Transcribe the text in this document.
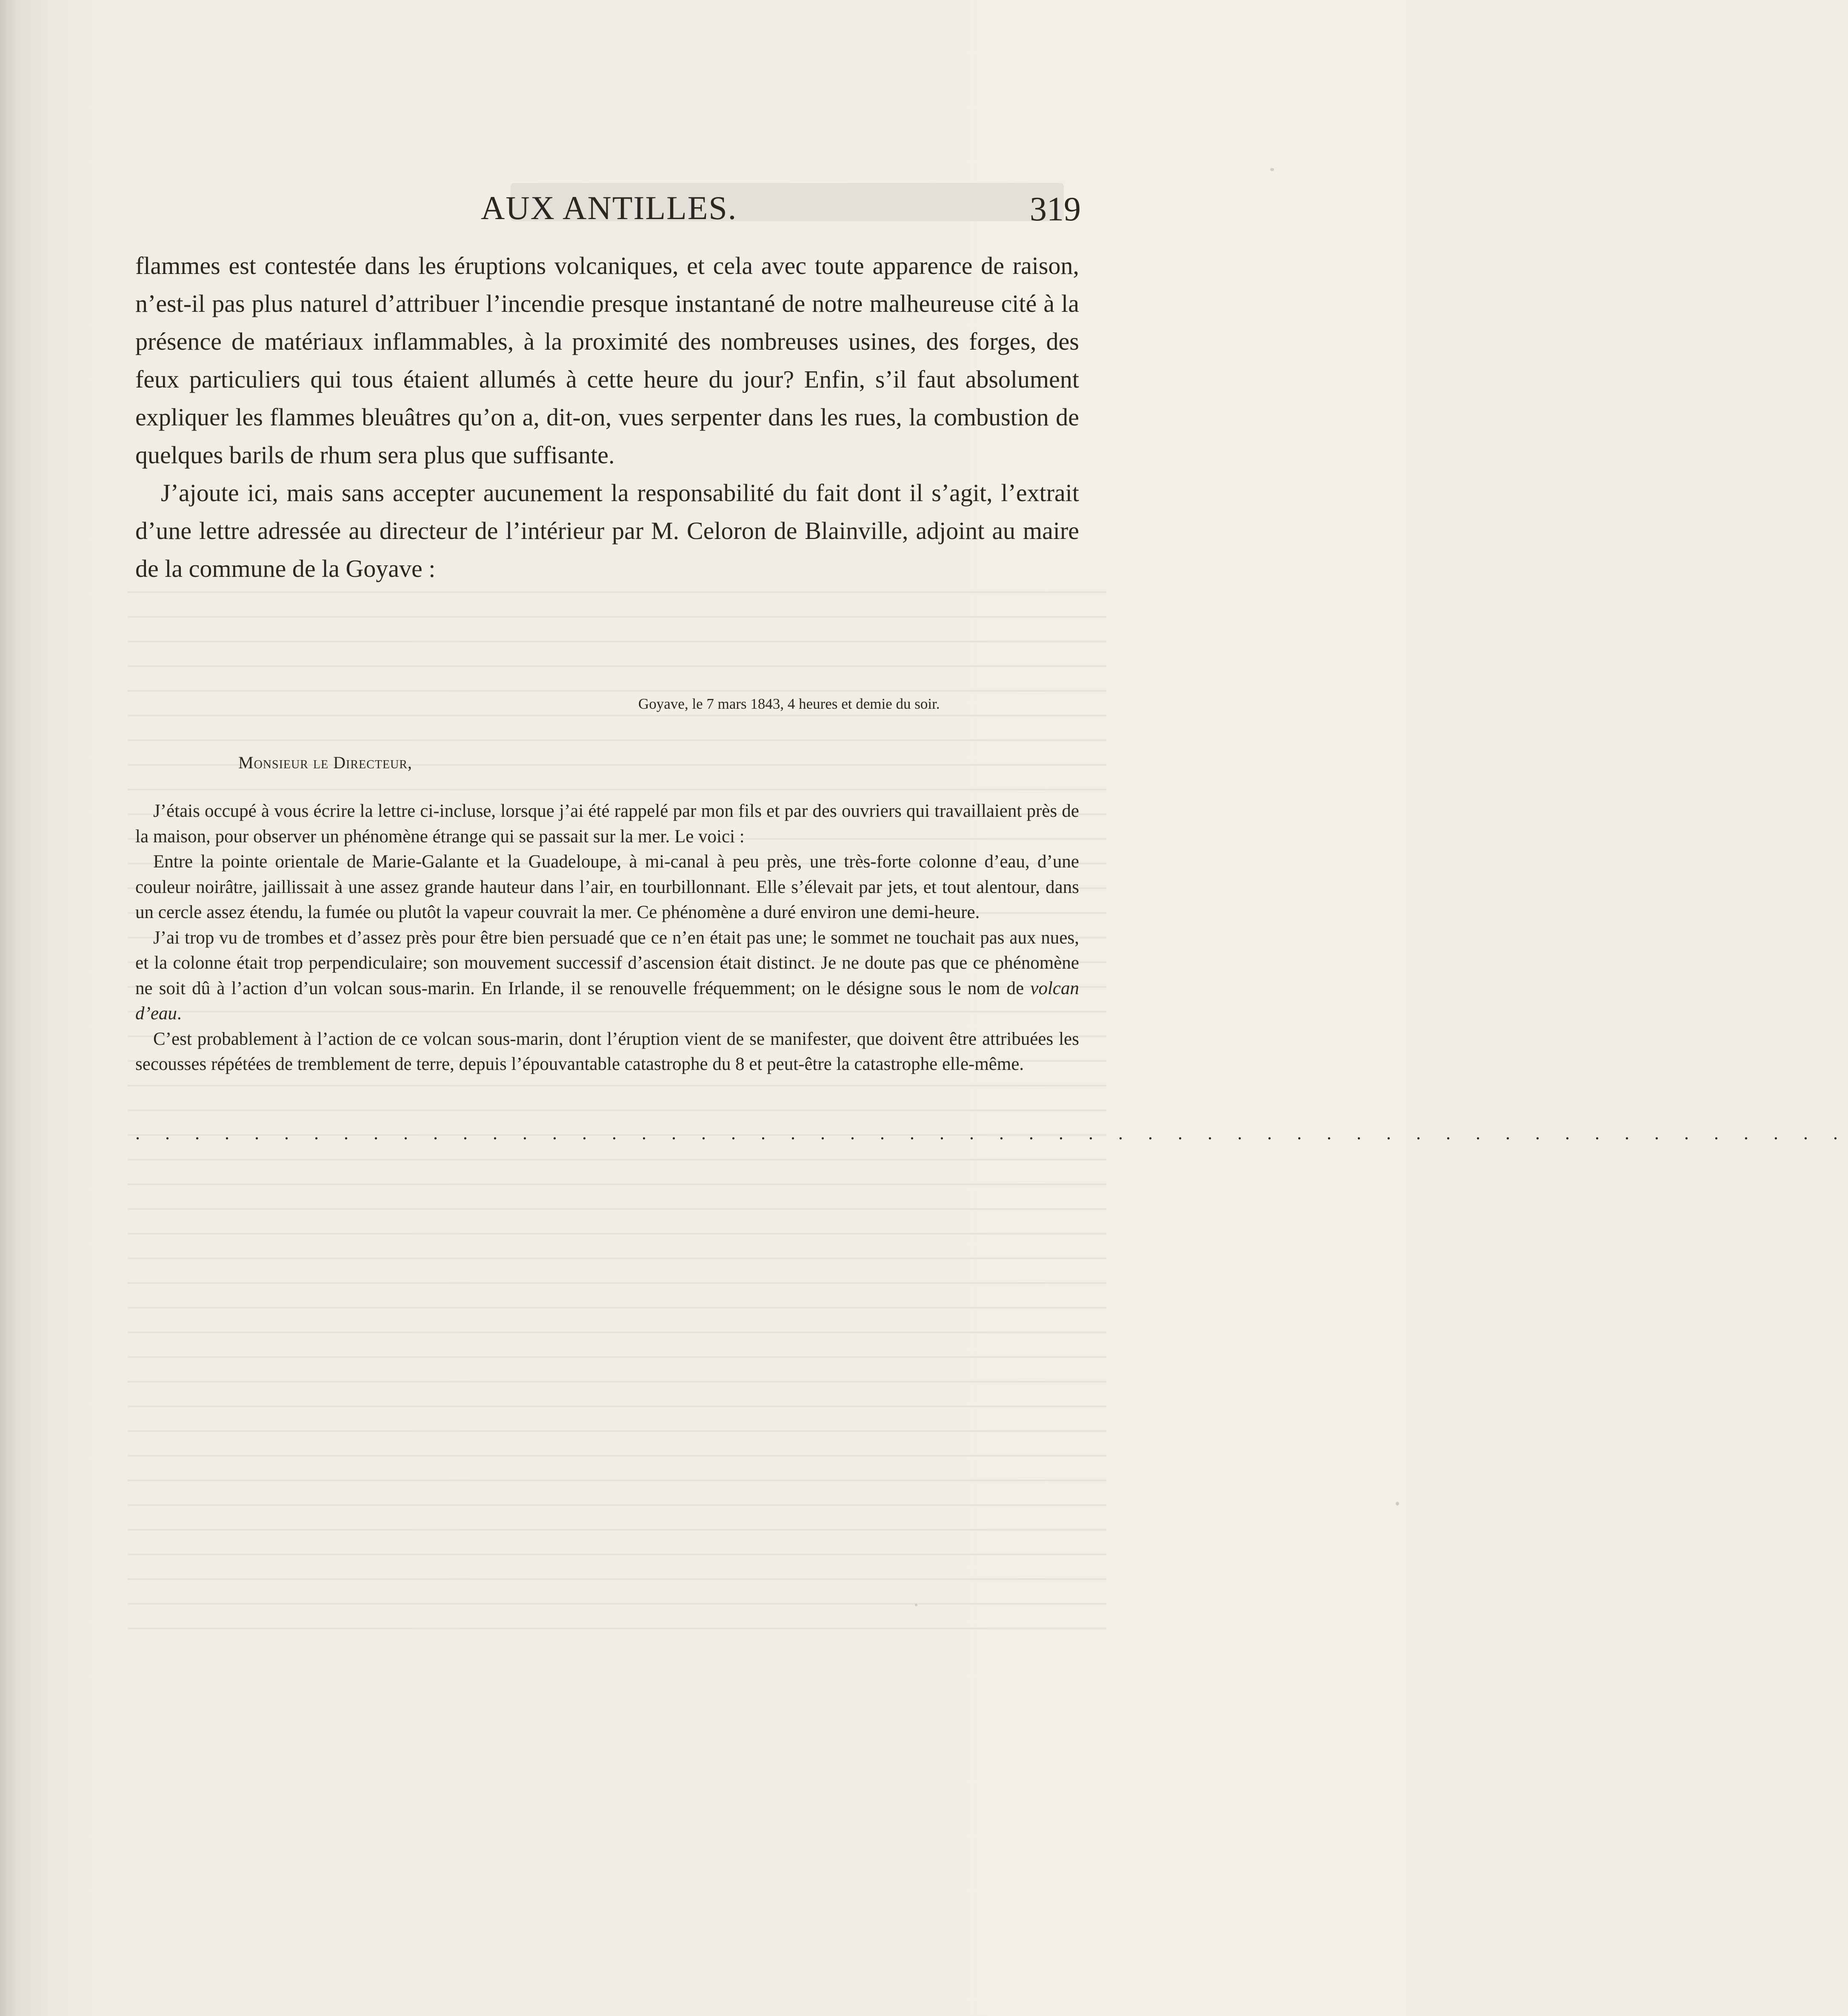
AUX ANTILLES.	319

flammes est contestée dans les éruptions volcaniques, et cela avec toute apparence de raison, n’est-il pas plus naturel d’attribuer l’incendie presque instantané de notre malheureuse cité à la présence de matériaux inflammables, à la proximité des nombreuses usines, des forges, des feux particuliers qui tous étaient allumés à cette heure du jour? Enfin, s’il faut absolument expliquer les flammes bleuâtres qu’on a, dit-on, vues serpenter dans les rues, la combustion de quelques barils de rhum sera plus que suffisante.

J’ajoute ici, mais sans accepter aucunement la responsabilité du fait dont il s’agit, l’extrait d’une lettre adressée au directeur de l’intérieur par M. Celoron de Blainville, adjoint au maire de la commune de la Goyave :

Goyave, le 7 mars 1843, 4 heures et demie du soir.
Monsieur le Directeur,

J’étais occupé à vous écrire la lettre ci-incluse, lorsque j’ai été rappelé par mon fils et par des ouvriers qui travaillaient près de la maison, pour observer un phénomène étrange qui se passait sur la mer. Le voici :

Entre la pointe orientale de Marie-Galante et la Guadeloupe, à mi-canal à peu près, une très-forte colonne d’eau, d’une couleur noirâtre, jaillissait à une assez grande hauteur dans l’air, en tourbillonnant. Elle s’élevait par jets, et tout alentour, dans un cercle assez étendu, la fumée ou plutôt la vapeur couvrait la mer. Ce phénomène a duré environ une demi-heure.

J’ai trop vu de trombes et d’assez près pour être bien persuadé que ce n’en était pas une; le sommet ne touchait pas aux nues, et la colonne était trop perpendiculaire; son mouvement successif d’ascension était distinct. Je ne doute pas que ce phénomène ne soit dû à l’action d’un volcan sous-marin. En Irlande, il se renouvelle fréquemment; on le désigne sous le nom de volcan d’eau.

C’est probablement à l’action de ce volcan sous-marin, dont l’éruption vient de se manifester, que doivent être attribuées les secousses répétées de tremblement de terre, depuis l’épouvantable catastrophe du 8 et peut-être la catastrophe elle-même.

. . . . . . . . . . . . . . . . . . . . . . . . . . . . . . . . . . . . . . . . . . . . . . . . . . . . . . . . . .
